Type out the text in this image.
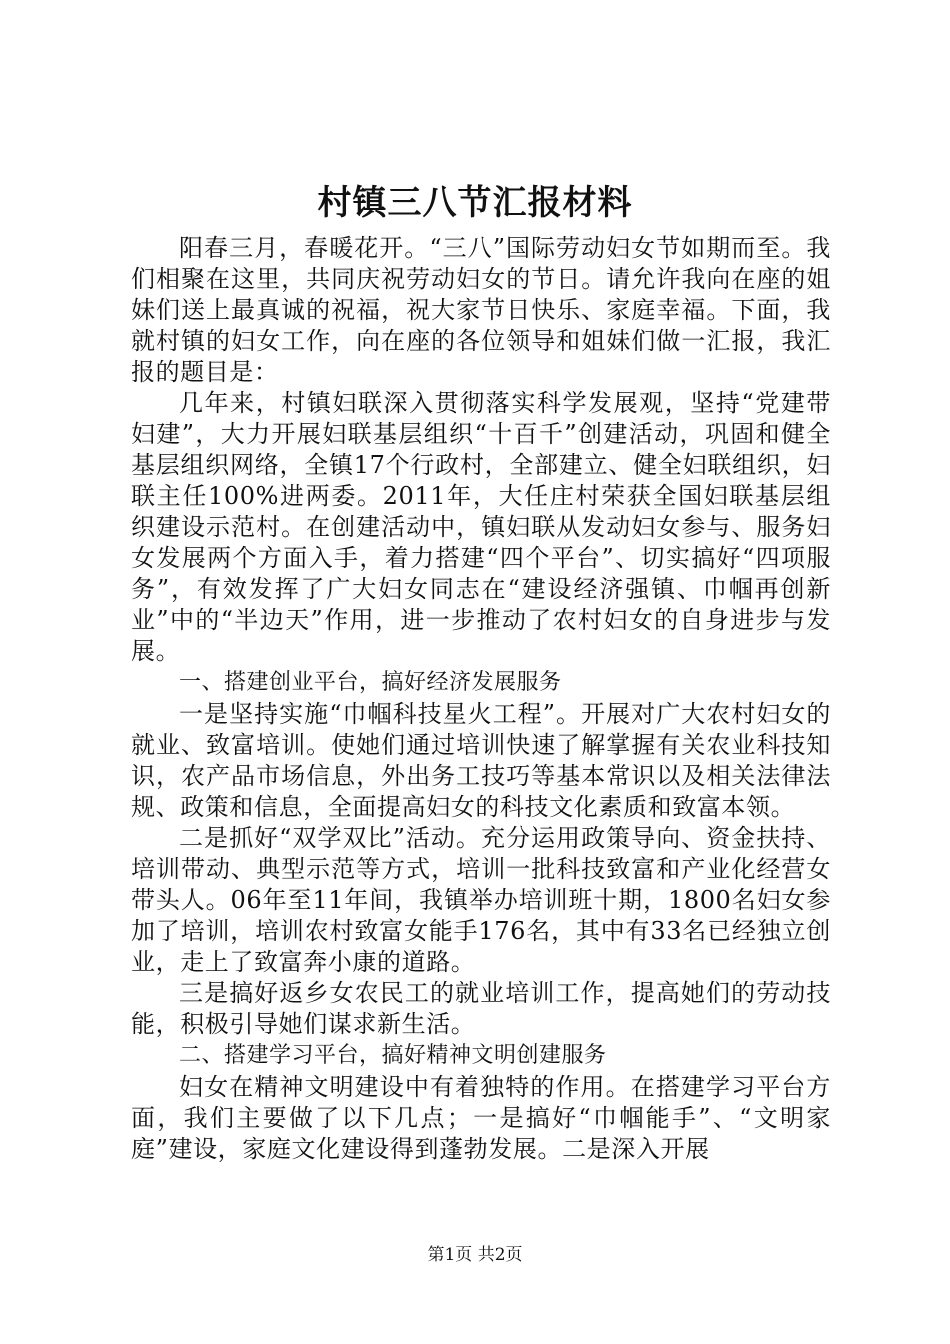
村镇三八节汇报材料

阳春三月，春暖花开。“三八”国际劳动妇女节如期而至。我们相聚在这里，共同庆祝劳动妇女的节日。请允许我向在座的姐妹们送上最真诚的祝福，祝大家节日快乐、家庭幸福。下面，我就村镇的妇女工作，向在座的各位领导和姐妹们做一汇报，我汇报的题目是：

几年来，村镇妇联深入贯彻落实科学发展观，坚持“党建带妇建”，大力开展妇联基层组织“十百千”创建活动，巩固和健全基层组织网络，全镇17个行政村，全部建立、健全妇联组织，妇联主任100%进两委。2011年，大任庄村荣获全国妇联基层组织建设示范村。在创建活动中，镇妇联从发动妇女参与、服务妇女发展两个方面入手，着力搭建“四个平台”、切实搞好“四项服务”，有效发挥了广大妇女同志在“建设经济强镇、巾帼再创新业”中的“半边天”作用，进一步推动了农村妇女的自身进步与发展。

一、搭建创业平台，搞好经济发展服务

一是坚持实施“巾帼科技星火工程”。开展对广大农村妇女的就业、致富培训。使她们通过培训快速了解掌握有关农业科技知识，农产品市场信息，外出务工技巧等基本常识以及相关法律法规、政策和信息，全面提高妇女的科技文化素质和致富本领。

二是抓好“双学双比”活动。充分运用政策导向、资金扶持、培训带动、典型示范等方式，培训一批科技致富和产业化经营女带头人。06年至11年间，我镇举办培训班十期，1800名妇女参加了培训，培训农村致富女能手176名，其中有33名已经独立创业，走上了致富奔小康的道路。

三是搞好返乡女农民工的就业培训工作，提高她们的劳动技能，积极引导她们谋求新生活。

二、搭建学习平台，搞好精神文明创建服务

妇女在精神文明建设中有着独特的作用。在搭建学习平台方面，我们主要做了以下几点；一是搞好“巾帼能手”、“文明家庭”建设，家庭文化建设得到蓬勃发展。二是深入开展

第1页 共2页
